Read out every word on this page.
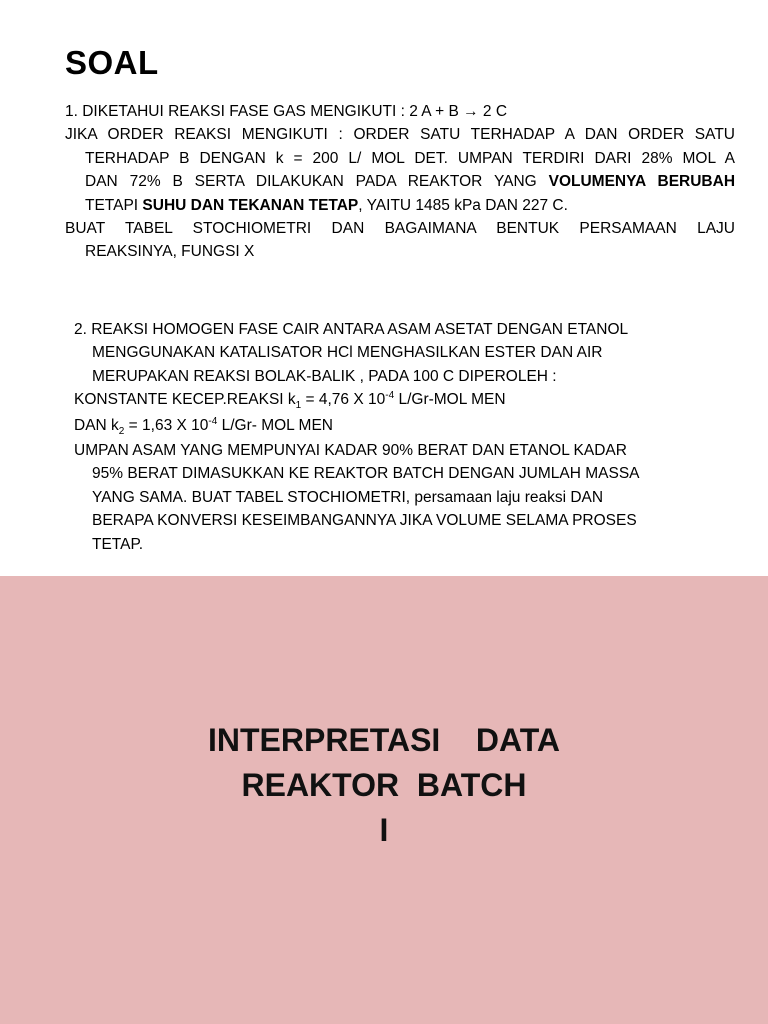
SOAL

1. DIKETAHUI REAKSI FASE GAS MENGIKUTI : 2 A + B → 2 C

JIKA ORDER REAKSI MENGIKUTI : ORDER SATU TERHADAP A DAN ORDER SATU

TERHADAP B DENGAN k = 200 L/ MOL DET. UMPAN TERDIRI DARI 28% MOL A

DAN 72% B SERTA DILAKUKAN PADA REAKTOR YANG VOLUMENYA BERUBAH

TETAPI SUHU DAN TEKANAN TETAP, YAITU 1485 kPa DAN 227 C.

BUAT TABEL STOCHIOMETRI DAN BAGAIMANA BENTUK PERSAMAAN LAJU

REAKSINYA, FUNGSI X

2. REAKSI HOMOGEN FASE CAIR ANTARA ASAM ASETAT DENGAN ETANOL

MENGGUNAKAN KATALISATOR HCl MENGHASILKAN ESTER DAN AIR

MERUPAKAN REAKSI BOLAK-BALIK , PADA 100 C DIPEROLEH :

KONSTANTE KECEP.REAKSI $k_1 = 4,76$ X $10^{-4}$ L/Gr-MOL MEN

DAN $k_2 = 1,63$ X $10^{-4}$ L/Gr- MOL MEN

UMPAN ASAM YANG MEMPUNYAI KADAR 90% BERAT DAN ETANOL KADAR

95% BERAT DIMASUKKAN KE REAKTOR BATCH DENGAN JUMLAH MASSA

YANG SAMA. BUAT TABEL STOCHIOMETRI, persamaan laju reaksi DAN

BERAPA KONVERSI KESEIMBANGANNYA JIKA VOLUME SELAMA PROSES

TETAP.

INTERPRETASI    DATA
REAKTOR  BATCH
I
